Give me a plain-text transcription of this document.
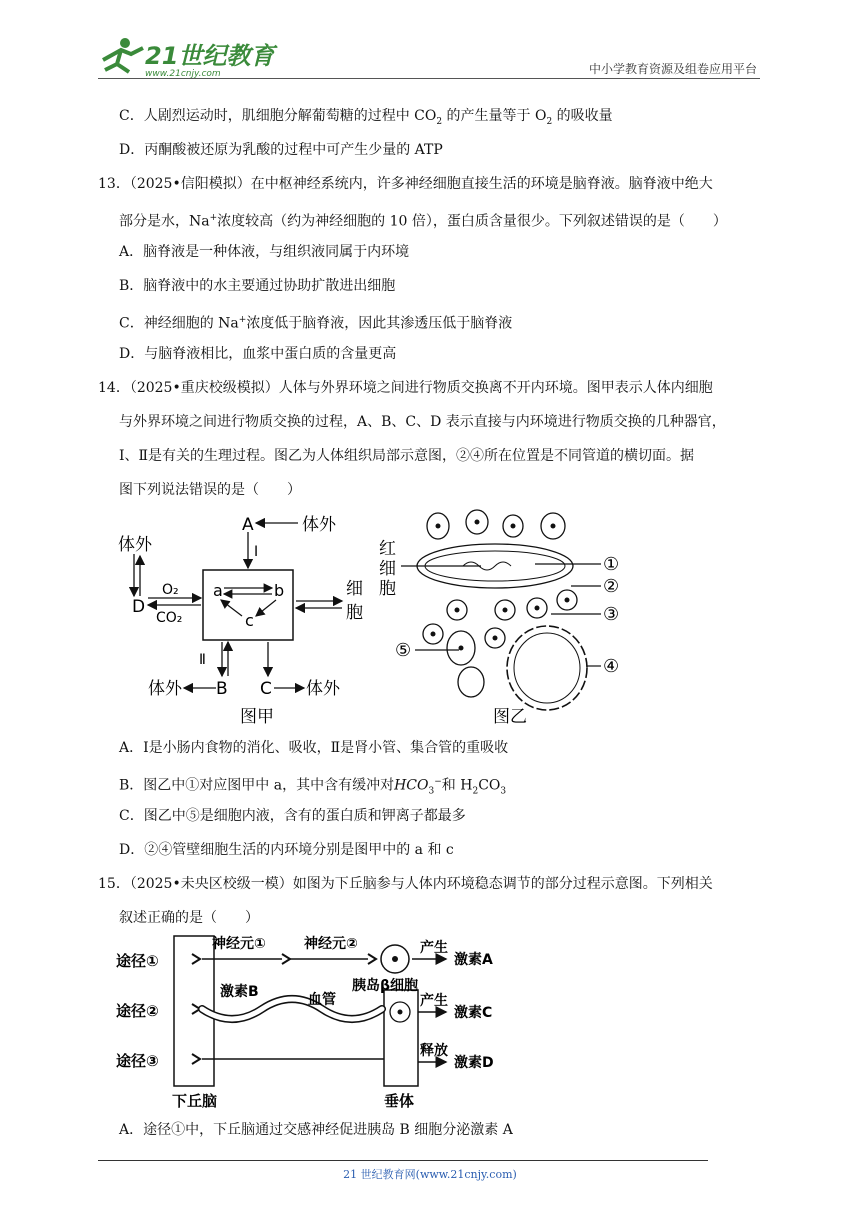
21世纪教育
www.21cnjy.com	中小学教育资源及组卷应用平台
C．人剧烈运动时，肌细胞分解葡萄糖的过程中 $CO_2$ 的产生量等于 $O_2$ 的吸收量
D．丙酮酸被还原为乳酸的过程中可产生少量的 ATP
13．（2025•信阳模拟）在中枢神经系统内，许多神经细胞直接生活的环境是脑脊液。脑脊液中绝大
部分是水，Na+浓度较高（约为神经细胞的 10 倍），蛋白质含量很少。下列叙述错误的是（　　）
A．脑脊液是一种体液，与组织液同属于内环境
B．脑脊液中的水主要通过协助扩散进出细胞
C．神经细胞的 Na+浓度低于脑脊液，因此其渗透压低于脑脊液
D．与脑脊液相比，血浆中蛋白质的含量更高
14．（2025•重庆校级模拟）人体与外界环境之间进行物质交换离不开内环境。图甲表示人体内细胞
与外界环境之间进行物质交换的过程，A、B、C、D 表示直接与内环境进行物质交换的几种器官，
Ⅰ、Ⅱ是有关的生理过程。图乙为人体组织局部示意图，②④所在位置是不同管道的横切面。据
图下列说法错误的是（　　）
A	体外
Ⅰ
体外
D
O₂
CO₂
a	b
c
细
胞
Ⅱ
体外 B C 体外
图甲
红
细
胞
①
②
③
⑤
④
图乙
A．Ⅰ是小肠内食物的消化、吸收，Ⅱ是肾小管、集合管的重吸收
B．图乙中①对应图甲中 a，其中含有缓冲对$HCO_3^-$和 $H_2CO_3$
C．图乙中⑤是细胞内液，含有的蛋白质和钾离子都最多
D．②④管壁细胞生活的内环境分别是图甲中的 a 和 c
15．（2025•未央区校级一模）如图为下丘脑参与人体内环境稳态调节的部分过程示意图。下列相关
叙述正确的是（　　）
途径①
途径②
途径③
神经元①	神经元②
胰岛β细胞
产生
激素A
激素B	血管	产生
激素C
释放
激素D
下丘脑	垂体
A．途径①中，下丘脑通过交感神经促进胰岛 B 细胞分泌激素 A
21 世纪教育网(www.21cnjy.com)
